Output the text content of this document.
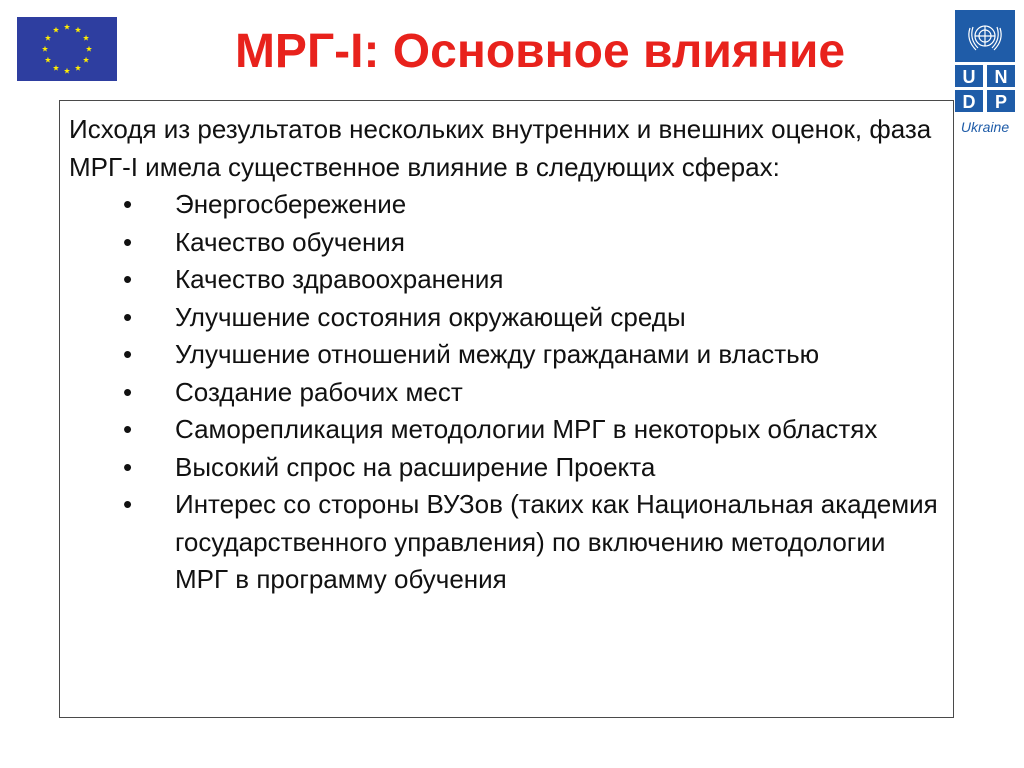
МРГ-І: Основное влияние	U N
D P
Ukraine

Исходя из результатов нескольких внутренних и внешних оценок, фаза МРГ-І имела существенное влияние в следующих сферах:

• Энергосбережение
• Качество обучения
• Качество здравоохранения
• Улучшение состояния окружающей среды
• Улучшение отношений между гражданами и властью
• Создание рабочих мест
• Саморепликация методологии МРГ в некоторых областях
• Высокий спрос на расширение Проекта
• Интерес со стороны ВУЗов (таких как Национальная академия государственного управления) по включению методологии МРГ в программу обучения
